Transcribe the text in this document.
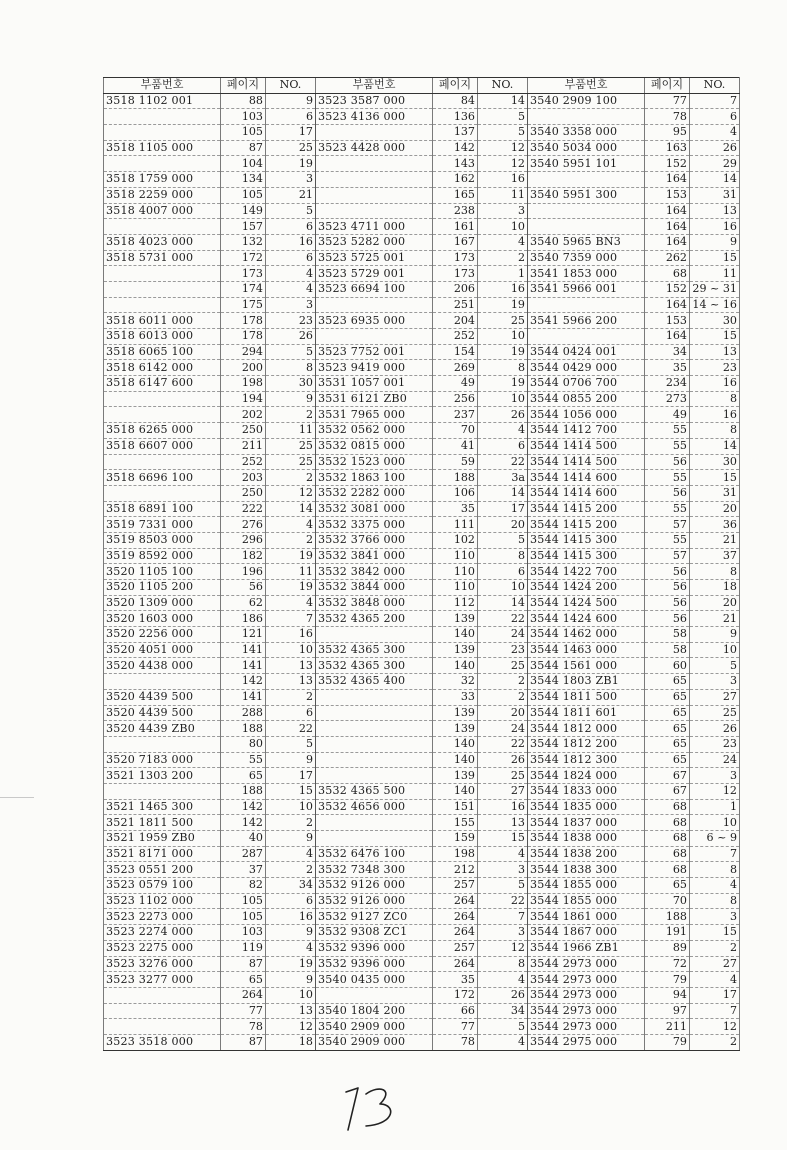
부품번호	페이지	NO.	부품번호	페이지	NO.	부품번호	페이지	NO.
3518 1102 001	88	9	3523 3587 000	84	14	3540 2909 100	77	7
	103	6	3523 4136 000	136	5		78	6
	105	17		137	5	3540 3358 000	95	4
3518 1105 000	87	25	3523 4428 000	142	12	3540 5034 000	163	26
	104	19		143	12	3540 5951 101	152	29
3518 1759 000	134	3		162	16		164	14
3518 2259 000	105	21		165	11	3540 5951 300	153	31
3518 4007 000	149	5		238	3		164	13
	157	6	3523 4711 000	161	10		164	16
3518 4023 000	132	16	3523 5282 000	167	4	3540 5965 BN3	164	9
3518 5731 000	172	6	3523 5725 001	173	2	3540 7359 000	262	15
	173	4	3523 5729 001	173	1	3541 1853 000	68	11
	174	4	3523 6694 100	206	16	3541 5966 001	152	29 ~ 31
	175	3		251	19		164	14 ~ 16
3518 6011 000	178	23	3523 6935 000	204	25	3541 5966 200	153	30
3518 6013 000	178	26		252	10		164	15
3518 6065 100	294	5	3523 7752 001	154	19	3544 0424 001	34	13
3518 6142 000	200	8	3523 9419 000	269	8	3544 0429 000	35	23
3518 6147 600	198	30	3531 1057 001	49	19	3544 0706 700	234	16
	194	9	3531 6121 ZB0	256	10	3544 0855 200	273	8
	202	2	3531 7965 000	237	26	3544 1056 000	49	16
3518 6265 000	250	11	3532 0562 000	70	4	3544 1412 700	55	8
3518 6607 000	211	25	3532 0815 000	41	6	3544 1414 500	55	14
	252	25	3532 1523 000	59	22	3544 1414 500	56	30
3518 6696 100	203	2	3532 1863 100	188	3a	3544 1414 600	55	15
	250	12	3532 2282 000	106	14	3544 1414 600	56	31
3518 6891 100	222	14	3532 3081 000	35	17	3544 1415 200	55	20
3519 7331 000	276	4	3532 3375 000	111	20	3544 1415 200	57	36
3519 8503 000	296	2	3532 3766 000	102	5	3544 1415 300	55	21
3519 8592 000	182	19	3532 3841 000	110	8	3544 1415 300	57	37
3520 1105 100	196	11	3532 3842 000	110	6	3544 1422 700	56	8
3520 1105 200	56	19	3532 3844 000	110	10	3544 1424 200	56	18
3520 1309 000	62	4	3532 3848 000	112	14	3544 1424 500	56	20
3520 1603 000	186	7	3532 4365 200	139	22	3544 1424 600	56	21
3520 2256 000	121	16		140	24	3544 1462 000	58	9
3520 4051 000	141	10	3532 4365 300	139	23	3544 1463 000	58	10
3520 4438 000	141	13	3532 4365 300	140	25	3544 1561 000	60	5
	142	13	3532 4365 400	32	2	3544 1803 ZB1	65	3
3520 4439 500	141	2		33	2	3544 1811 500	65	27
3520 4439 500	288	6		139	20	3544 1811 601	65	25
3520 4439 ZB0	188	22		139	24	3544 1812 000	65	26
	80	5		140	22	3544 1812 200	65	23
3520 7183 000	55	9		140	26	3544 1812 300	65	24
3521 1303 200	65	17		139	25	3544 1824 000	67	3
	188	15	3532 4365 500	140	27	3544 1833 000	67	12
3521 1465 300	142	10	3532 4656 000	151	16	3544 1835 000	68	1
3521 1811 500	142	2		155	13	3544 1837 000	68	10
3521 1959 ZB0	40	9		159	15	3544 1838 000	68	6 ~ 9
3521 8171 000	287	4	3532 6476 100	198	4	3544 1838 200	68	7
3523 0551 200	37	2	3532 7348 300	212	3	3544 1838 300	68	8
3523 0579 100	82	34	3532 9126 000	257	5	3544 1855 000	65	4
3523 1102 000	105	6	3532 9126 000	264	22	3544 1855 000	70	8
3523 2273 000	105	16	3532 9127 ZC0	264	7	3544 1861 000	188	3
3523 2274 000	103	9	3532 9308 ZC1	264	3	3544 1867 000	191	15
3523 2275 000	119	4	3532 9396 000	257	12	3544 1966 ZB1	89	2
3523 3276 000	87	19	3532 9396 000	264	8	3544 2973 000	72	27
3523 3277 000	65	9	3540 0435 000	35	4	3544 2973 000	79	4
	264	10		172	26	3544 2973 000	94	17
	77	13	3540 1804 200	66	34	3544 2973 000	97	7
	78	12	3540 2909 000	77	5	3544 2973 000	211	12
3523 3518 000	87	18	3540 2909 000	78	4	3544 2975 000	79	2
